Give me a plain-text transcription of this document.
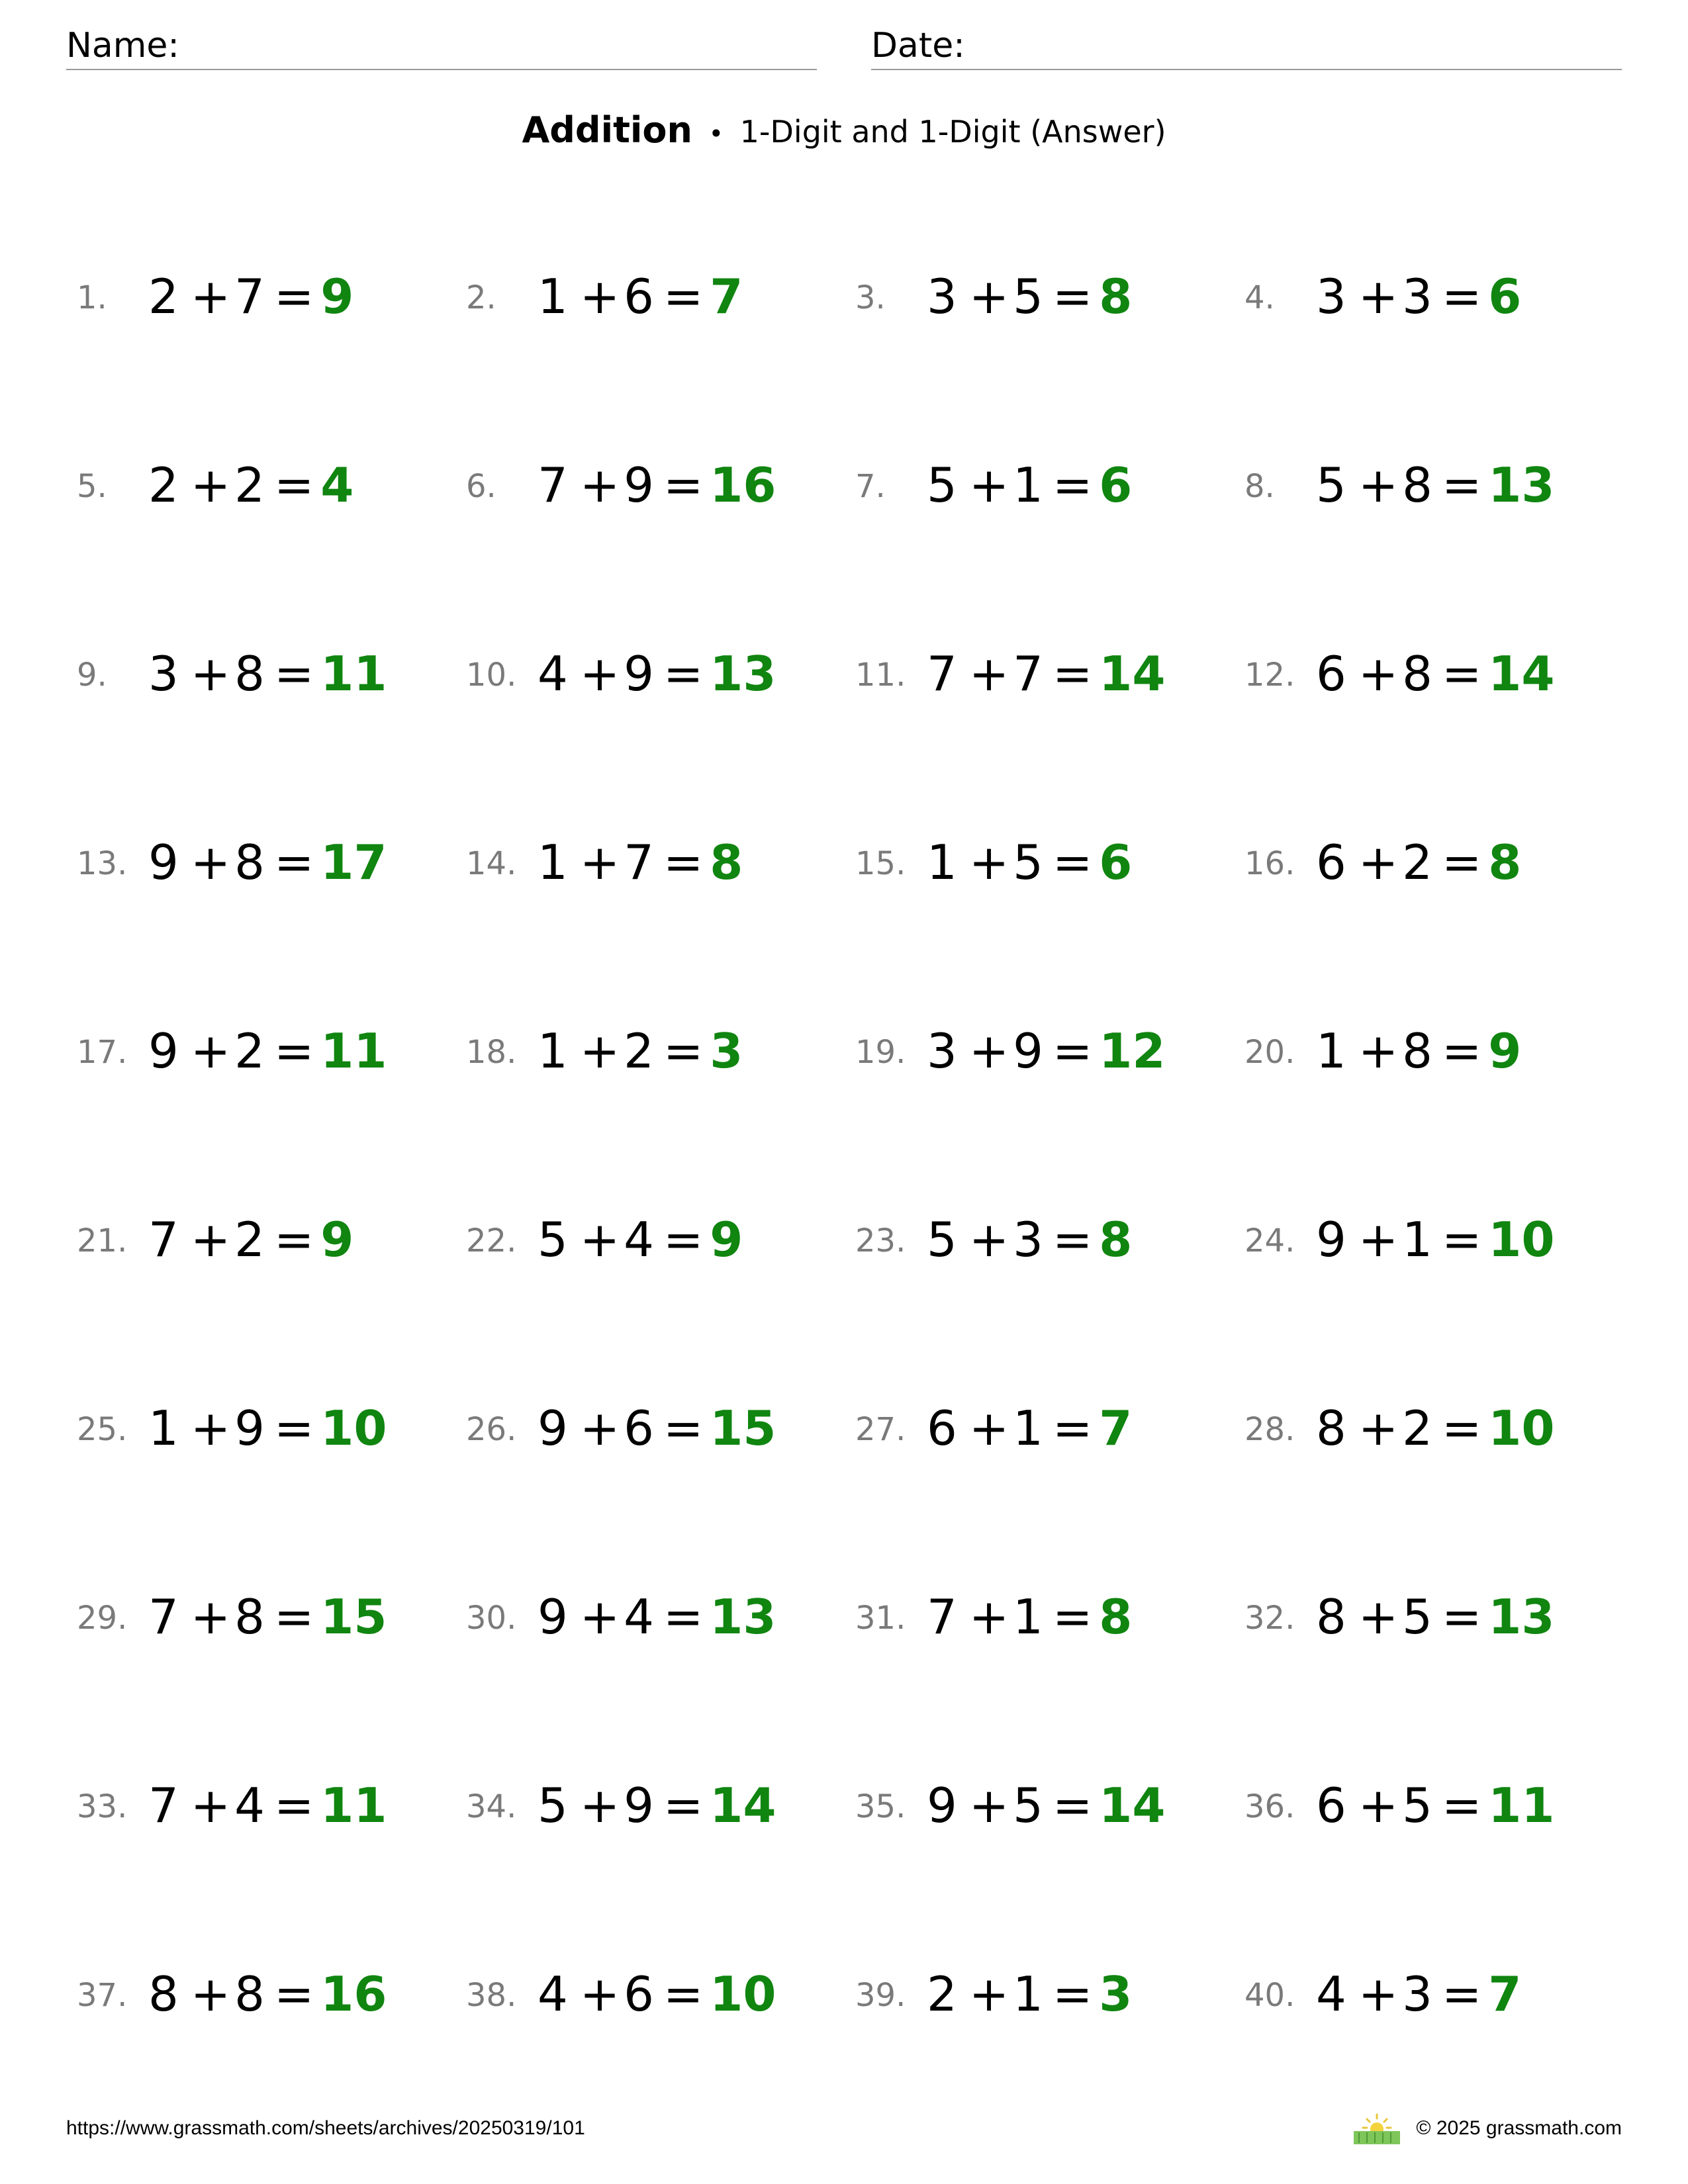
Name:	Date:
Addition • 1-Digit and 1-Digit (Answer)
1. 2 +7 = 9	2. 1 +6 = 7	3. 3 +5 = 8	4. 3 +3 = 6
5. 2 +2 = 4	6. 7 +9 = 16 7. 5 +1 = 6	8. 5 +8 = 13
9. 3 +8 = 11 10. 4 +9 = 13 11. 7 +7 = 14 12. 6 +8 = 14
13. 9 +8 = 17 14. 1 +7 = 8	15. 1 +5 = 6	16. 6 +2 = 8
17. 9 +2 = 11 18. 1 +2 = 3	19. 3 +9 = 12 20. 1 +8 = 9
21. 7 +2 = 9	22. 5 +4 = 9	23. 5 +3 = 8	24. 9 +1 = 10
25. 1 +9 = 10 26. 9 +6 = 15 27. 6 +1 = 7	28. 8 +2 = 10
29. 7 +8 = 15 30. 9 +4 = 13 31. 7 +1 = 8	32. 8 +5 = 13
33. 7 +4 = 11 34. 5 +9 = 14 35. 9 +5 = 14 36. 6 +5 = 11
37. 8 +8 = 16 38. 4 +6 = 10 39. 2 +1 = 3	40. 4 +3 = 7
https://www.grassmath.com/sheets/archives/20250319/101	© 2025 grassmath.com
